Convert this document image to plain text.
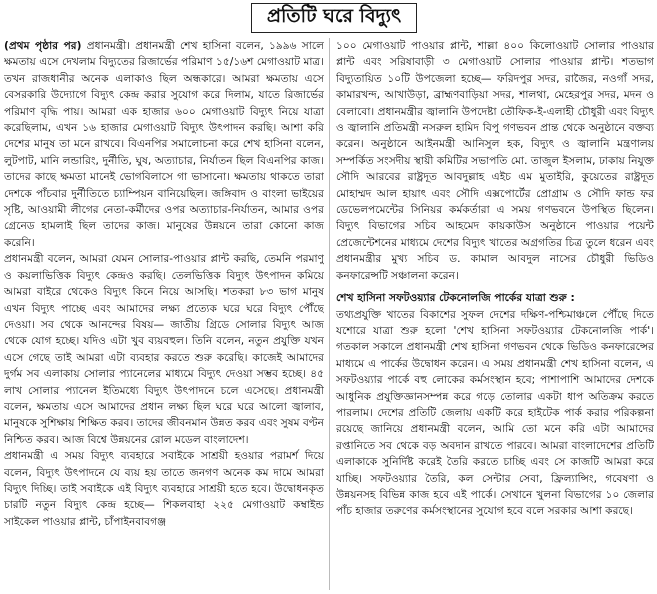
প্রতিটি ঘরে বিদ্যুৎ

(প্রথম পৃষ্ঠার পর) প্রধানমন্ত্রী। প্রধানমন্ত্রী শেখ হাসিনা বলেন, ১৯৯৬ সালে ক্ষমতায় এসে দেখলাম বিদ্যুতের রিজার্ভের পরিমাণ ১৫/১৬শ মেগাওয়াট মাত্র। তখন রাজধানীর অনেক এলাকাও ছিল অন্ধকারে। আমরা ক্ষমতায় এসে বেসরকারি উদ্যোগে বিদ্যুৎ কেন্দ্র করার সুযোগ করে দিলাম, যাতে রিজার্ভের পরিমাণ বৃদ্ধি পায়। আমরা এক হাজার ৬০০ মেগাওয়াট বিদ্যুৎ নিয়ে যাত্রা করেছিলাম, এখন ১৬ হাজার মেগাওয়াট বিদ্যুৎ উৎপাদন করছি। আশা করি দেশের মানুষ তা মনে রাখবে। বিএনপির সমালোচনা করে শেখ হাসিনা বলেন, লুটপাট, মানি লন্ডারিং, দুর্নীতি, ঘুষ, অত্যাচার, নির্যাতন ছিল বিএনপির কাজ। তাদের কাছে ক্ষমতা মানেই ভোগবিলাসে গা ভাসানো। ক্ষমতায় থাকতে তারা দেশকে পাঁচবার দুর্নীতিতে চ্যাম্পিয়ন বানিয়েছিল। জঙ্গিবাদ ও বাংলা ভাইয়ের সৃষ্টি, আওয়ামী লীগের নেতা-কর্মীদের ওপর অত্যাচার-নির্যাতন, আমার ওপর গ্রেনেড হামলাই ছিল তাদের কাজ। মানুষের উন্নয়নে তারা কোনো কাজ করেনি।

প্রধানমন্ত্রী বলেন, আমরা যেমন সোলার-পাওয়ার প্লান্ট করছি, তেমনি পরমাণু ও কয়লাভিত্তিক বিদ্যুৎ কেন্দ্রও করছি। তেলভিত্তিক বিদ্যুৎ উৎপাদন কমিয়ে আমরা বাইরে থেকেও বিদ্যুৎ কিনে নিয়ে আসছি। শতকরা ৮৩ ভাগ মানুষ এখন বিদ্যুৎ পাচ্ছে এবং আমাদের লক্ষ্য প্রত্যেক ঘরে ঘরে বিদ্যুৎ পৌঁছে দেওয়া। সব থেকে আনন্দের বিষয়— জাতীয় গ্রিডে সোলার বিদ্যুৎ আজ থেকে যোগ হচ্ছে। যদিও এটা খুব ব্যয়বহুল। তিনি বলেন, নতুন প্রযুক্তি যখন এসে গেছে তাই আমরা এটা ব্যবহার করতে শুরু করেছি। কাজেই আমাদের দুর্গম সব এলাকায় সোলার প্যানেলের মাধ্যমে বিদ্যুৎ দেওয়া সম্ভব হচ্ছে। ৪৫ লাখ সোলার প্যানেল ইতিমধ্যে বিদ্যুৎ উৎপাদনে চলে এসেছে। প্রধানমন্ত্রী বলেন, ক্ষমতায় এসে আমাদের প্রধান লক্ষ্য ছিল ঘরে ঘরে আলো জ্বালাব, মানুষকে সুশিক্ষায় শিক্ষিত করব। তাদের জীবনমান উন্নত করব এবং সুষম বণ্টন নিশ্চিত করব। আজ বিশ্বে উন্নয়নের রোল মডেল বাংলাদেশ।

প্রধানমন্ত্রী এ সময় বিদ্যুৎ ব্যবহারে সবাইকে সাশ্রয়ী হওয়ার পরামর্শ দিয়ে বলেন, বিদ্যুৎ উৎপাদনে যে ব্যয় হয় তাতে জনগণ অনেক কম দামে আমরা বিদ্যুৎ দিচ্ছি। তাই সবাইকে এই বিদ্যুৎ ব্যবহারে সাশ্রয়ী হতে হবে। উদ্বোধনকৃত চারটি নতুন বিদ্যুৎ কেন্দ্র হচ্ছে— শিকলবাহা ২২৫ মেগাওয়াট কম্বাইন্ড সাইকেল পাওয়ার প্লান্ট, চাঁপাইনবাবগঞ্জ

১০০ মেগাওয়াট পাওয়ার প্লান্ট, শাল্লা ৪০০ কিলোওয়াট সোলার পাওয়ার প্লান্ট এবং সরিষাবাড়ী ৩ মেগাওয়াট সোলার পাওয়ার প্লান্ট। শতভাগ বিদ্যুতায়িত ১০টি উপজেলা হচ্ছে— ফরিদপুর সদর, রাজৈর, নওগাঁ সদর, কামারখন্দ, আখাউড়া, ব্রাহ্মণবাড়িয়া সদর, শালথা, মেহেরপুর সদর, মদন ও বেলাবো। প্রধানমন্ত্রীর জ্বালানি উপদেষ্টা তৌফিক-ই-এলাহী চৌধুরী এবং বিদ্যুৎ ও জ্বালানি প্রতিমন্ত্রী নসরুল হামিদ বিপু গণভবন প্রান্ত থেকে অনুষ্ঠানে বক্তব্য করেন। অনুষ্ঠানে আইনমন্ত্রী আনিসুল হক, বিদ্যুৎ ও জ্বালানি মন্ত্রণালয় সম্পর্কিত সংসদীয় স্থায়ী কমিটির সভাপতি মো. তাজুল ইসলাম, ঢাকায় নিযুক্ত সৌদি আরবের রাষ্ট্রদূত আবদুল্লাহ এইচ এম মুতাইরি, কুয়েতের রাষ্ট্রদূত মোহাম্মদ আল হায়াৎ এবং সৌদি এক্সপোর্টের প্রোগ্রাম ও সৌদি ফান্ড ফর ডেভেলপমেন্টের সিনিয়র কর্মকর্তারা এ সময় গণভবনে উপস্থিত ছিলেন। বিদ্যুৎ বিভাগের সচিব আহমেদ কায়কাউস অনুষ্ঠানে পাওয়ার পয়েন্ট প্রেজেন্টেশনের মাধ্যমে দেশের বিদ্যুৎ খাতের অগ্রগতির চিত্র তুলে ধরেন এবং প্রধানমন্ত্রীর মুখ্য সচিব ড. কামাল আবদুল নাসের চৌধুরী ভিডিও কনফারেন্সটি সঞ্চালনা করেন।

শেখ হাসিনা সফটওয়্যার টেকনোলজি পার্কের যাত্রা শুরু :

তথ্যপ্রযুক্তি খাতের বিকাশের সুফল দেশের দক্ষিণ-পশ্চিমাঞ্চলে পৌঁছে দিতে যশোরে যাত্রা শুরু হলো 'শেখ হাসিনা সফটওয়্যার টেকনোলজি পার্ক'। গতকাল সকালে প্রধানমন্ত্রী শেখ হাসিনা গণভবন থেকে ভিডিও কনফারেন্সের মাধ্যমে এ পার্কের উদ্বোধন করেন। এ সময় প্রধানমন্ত্রী শেখ হাসিনা বলেন, এ সফটওয়্যার পার্কে বহু লোকের কর্মসংস্থান হবে; পাশাপাশি আমাদের দেশকে আধুনিক প্রযুক্তিজ্ঞানসম্পন্ন করে গড়ে তোলার একটা ধাপ অতিক্রম করতে পারলাম। দেশের প্রতিটি জেলায় একটি করে হাইটেক পার্ক করার পরিকল্পনা রয়েছে জানিয়ে প্রধানমন্ত্রী বলেন, আমি তো মনে করি এটা আমাদের রপ্তানিতে সব থেকে বড় অবদান রাখতে পারবে। আমরা বাংলাদেশের প্রতিটি এলাকাকে সুনির্দিষ্ট করেই তৈরি করতে চাচ্ছি এবং সে কাজটি আমরা করে যাচ্ছি। সফটওয়্যার তৈরি, কল সেন্টার সেবা, ফ্রিল্যান্সিং, গবেষণা ও উন্নয়নসহ বিভিন্ন কাজ হবে এই পার্কে। সেখানে খুলনা বিভাগের ১০ জেলার পাঁচ হাজার তরুণের কর্মসংস্থানের সুযোগ হবে বলে সরকার আশা করছে।
